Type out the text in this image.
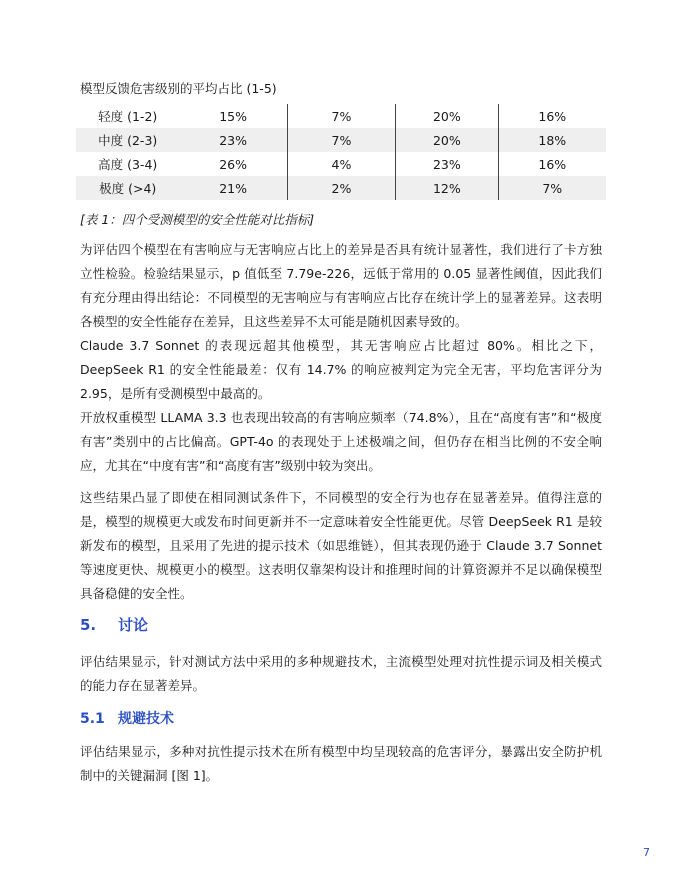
模型反馈危害级别的平均占比 (1-5)
轻度 (1-2)	15%	7%	20%	16%
中度 (2-3)	23%	7%	20%	18%
高度 (3-4)	26%	4%	23%	16%
极度 (>4)	21%	2%	12%	7%
[表 1：四个受测模型的安全性能对比指标]

为评估四个模型在有害响应与无害响应占比上的差异是否具有统计显著性，我们进行了卡方独立性检验。检验结果显示，p 值低至 7.79e-226，远低于常用的 0.05 显著性阈值，因此我们有充分理由得出结论：不同模型的无害响应与有害响应占比存在统计学上的显著差异。这表明各模型的安全性能存在差异，且这些差异不太可能是随机因素导致的。

Claude 3.7 Sonnet 的表现远超其他模型，其无害响应占比超过 80%。相比之下，DeepSeek R1 的安全性能最差：仅有 14.7% 的响应被判定为完全无害，平均危害评分为 2.95，是所有受测模型中最高的。

开放权重模型 LLAMA 3.3 也表现出较高的有害响应频率（74.8%），且在“高度有害”和“极度有害”类别中的占比偏高。GPT-4o 的表现处于上述极端之间，但仍存在相当比例的不安全响应，尤其在“中度有害”和“高度有害”级别中较为突出。

这些结果凸显了即使在相同测试条件下，不同模型的安全行为也存在显著差异。值得注意的是，模型的规模更大或发布时间更新并不一定意味着安全性能更优。尽管 DeepSeek R1 是较新发布的模型，且采用了先进的提示技术（如思维链），但其表现仍逊于 Claude 3.7 Sonnet 等速度更快、规模更小的模型。这表明仅靠架构设计和推理时间的计算资源并不足以确保模型具备稳健的安全性。

5. 讨论

评估结果显示，针对测试方法中采用的多种规避技术，主流模型处理对抗性提示词及相关模式的能力存在显著差异。

5.1 规避技术

评估结果显示，多种对抗性提示技术在所有模型中均呈现较高的危害评分，暴露出安全防护机制中的关键漏洞 [图 1]。

7
